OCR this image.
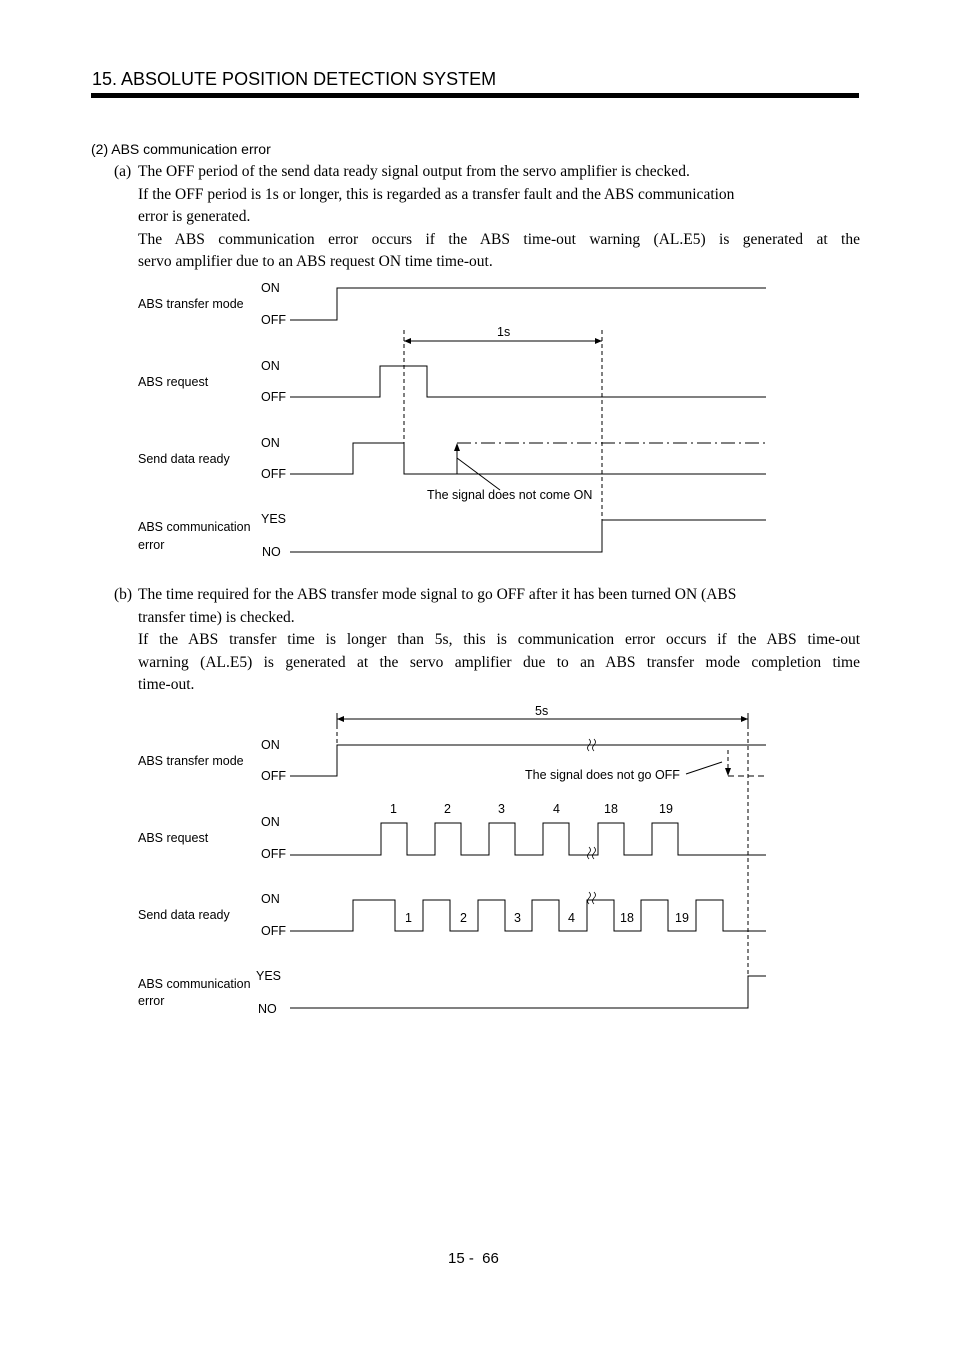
15. ABSOLUTE POSITION DETECTION SYSTEM
(2) ABS communication error
(a) The OFF period of the send data ready signal output from the servo amplifier is checked.
If the OFF period is 1s or longer, this is regarded as a transfer fault and the ABS communication
error is generated.
The ABS communication error occurs if the ABS time-out warning (AL.E5) is generated at the
servo amplifier due to an ABS request ON time time-out.
ABS transfer mode
ABS request
Send data ready
ABS communication
error
ON
OFF
ON
OFF
ON
OFF
YES
NO
1s
The signal does not come ON
(b) The time required for the ABS transfer mode signal to go OFF after it has been turned ON (ABS
transfer time) is checked.
If the ABS transfer time is longer than 5s, this is communication error occurs if the ABS time-out
warning (AL.E5) is generated at the servo amplifier due to an ABS transfer mode completion time
time-out.
5s
ABS transfer mode
ABS request
Send data ready
ABS communication
error
ON
OFF
ON
OFF
ON
OFF
YES
NO
The signal does not go OFF
1	2	3	4	18	19
1	2	3	4	18	19
15 -  66
